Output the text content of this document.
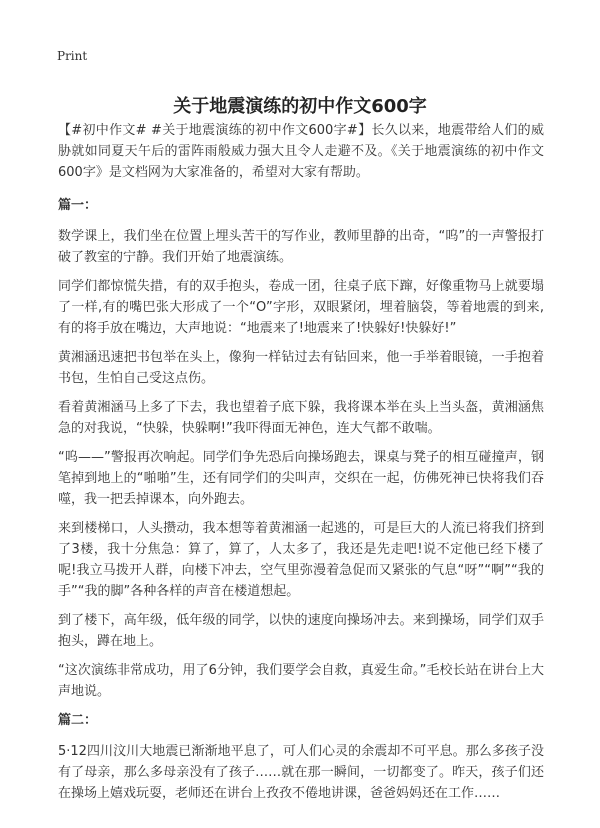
Print
关于地震演练的初中作文600字

【#初中作文# #关于地震演练的初中作文600字#】长久以来，地震带给人们的威胁就如同夏天午后的雷阵雨般威力强大且令人走避不及。《关于地震演练的初中作文600字》是文档网为大家准备的，希望对大家有帮助。

篇一：

数学课上，我们坐在位置上埋头苦干的写作业，教师里静的出奇，“呜”的一声警报打破了教室的宁静。我们开始了地震演练。

同学们都惊慌失措，有的双手抱头，卷成一团，往桌子底下蹿，好像重物马上就要塌了一样,有的嘴巴张大形成了一个“O”字形，双眼紧闭，埋着脑袋，等着地震的到来,有的将手放在嘴边，大声地说：“地震来了!地震来了!快躲好!快躲好!”

黄湘涵迅速把书包举在头上，像狗一样钻过去有钻回来，他一手举着眼镜，一手抱着书包，生怕自己受这点伤。

看着黄湘涵马上多了下去，我也望着子底下躲，我将课本举在头上当头盔，黄湘涵焦急的对我说，“快躲，快躲啊!”我吓得面无神色，连大气都不敢喘。

“呜——”警报再次响起。同学们争先恐后向操场跑去，课桌与凳子的相互碰撞声，钢笔掉到地上的“啪啪”生，还有同学们的尖叫声，交织在一起，仿佛死神已快将我们吞噬，我一把丢掉课本，向外跑去。

来到楼梯口，人头攒动，我本想等着黄湘涵一起逃的，可是巨大的人流已将我们挤到了3楼，我十分焦急：算了，算了，人太多了，我还是先走吧!说不定他已经下楼了呢!我立马拨开人群，向楼下冲去，空气里弥漫着急促而又紧张的气息“呀”“啊”“我的手”“我的脚”各种各样的声音在楼道想起。

到了楼下，高年级，低年级的同学，以快的速度向操场冲去。来到操场，同学们双手抱头，蹲在地上。

“这次演练非常成功，用了6分钟，我们要学会自救，真爱生命。”毛校长站在讲台上大声地说。

篇二：

5·12四川汶川大地震已渐渐地平息了，可人们心灵的余震却不可平息。那么多孩子没有了母亲，那么多母亲没有了孩子……就在那一瞬间，一切都变了。昨天，孩子们还在操场上嬉戏玩耍，老师还在讲台上孜孜不倦地讲课，爸爸妈妈还在工作……
